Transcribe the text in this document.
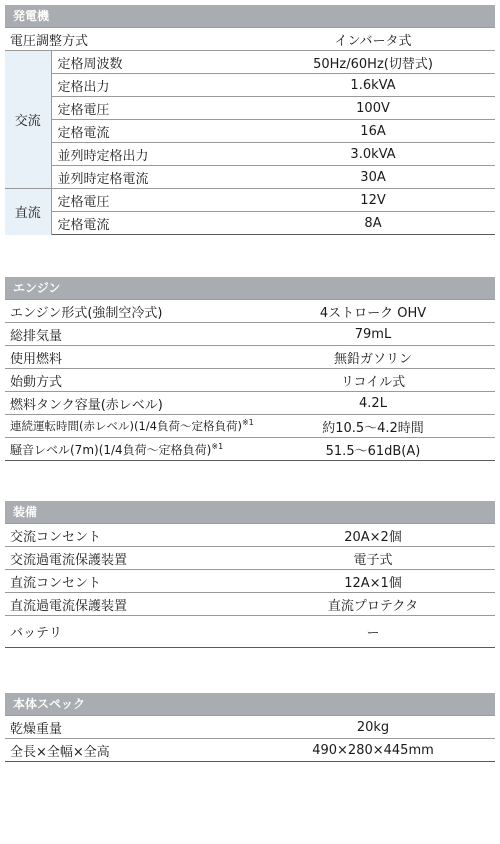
発電機
電圧調整方式		インバータ式
交流	定格周波数	50Hz/60Hz(切替式)
	定格出力	1.6kVA
	定格電圧	100V
	定格電流	16A
	並列時定格出力	3.0kVA
	並列時定格電流	30A
直流	定格電圧	12V
	定格電流	8A
エンジン
エンジン形式(強制空冷式)	4ストローク OHV
総排気量	79mL
使用燃料	無鉛ガソリン
始動方式	リコイル式
燃料タンク容量(赤レベル)	4.2L
連続運転時間(赤レベル)(1/4負荷〜定格負荷)$^{※1}$	約10.5〜4.2時間
騒音レベル(7m)(1/4負荷〜定格負荷)$^{※1}$	51.5〜61dB(A)
装備
交流コンセント	20A×2個
交流過電流保護装置	電子式
直流コンセント	12A×1個
直流過電流保護装置	直流プロテクタ
バッテリ	ー
本体スペック
乾燥重量	20kg
全長×全幅×全高	490×280×445mm
